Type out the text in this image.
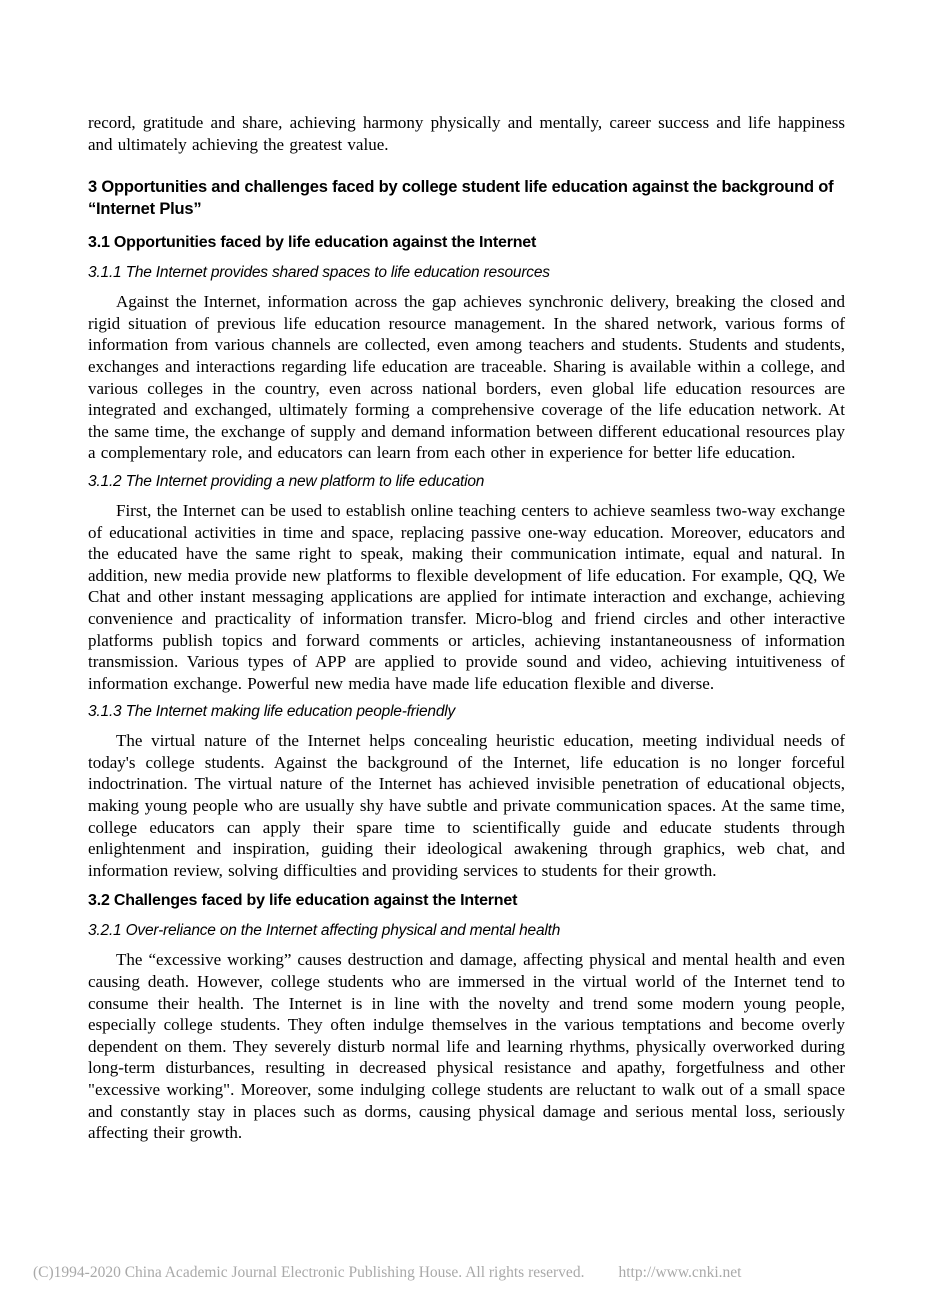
record, gratitude and share, achieving harmony physically and mentally, career success and life happiness and ultimately achieving the greatest value.

3 Opportunities and challenges faced by college student life education against the background of “Internet Plus”
3.1 Opportunities faced by life education against the Internet
3.1.1 The Internet provides shared spaces to life education resources

Against the Internet, information across the gap achieves synchronic delivery, breaking the closed and rigid situation of previous life education resource management. In the shared network, various forms of information from various channels are collected, even among teachers and students. Students and students, exchanges and interactions regarding life education are traceable. Sharing is available within a college, and various colleges in the country, even across national borders, even global life education resources are integrated and exchanged, ultimately forming a comprehensive coverage of the life education network. At the same time, the exchange of supply and demand information between different educational resources play a complementary role, and educators can learn from each other in experience for better life education.

3.1.2 The Internet providing a new platform to life education

First, the Internet can be used to establish online teaching centers to achieve seamless two-way exchange of educational activities in time and space, replacing passive one-way education. Moreover, educators and the educated have the same right to speak, making their communication intimate, equal and natural. In addition, new media provide new platforms to flexible development of life education. For example, QQ, We Chat and other instant messaging applications are applied for intimate interaction and exchange, achieving convenience and practicality of information transfer. Micro-blog and friend circles and other interactive platforms publish topics and forward comments or articles, achieving instantaneousness of information transmission. Various types of APP are applied to provide sound and video, achieving intuitiveness of information exchange. Powerful new media have made life education flexible and diverse.

3.1.3 The Internet making life education people-friendly

The virtual nature of the Internet helps concealing heuristic education, meeting individual needs of today's college students. Against the background of the Internet, life education is no longer forceful indoctrination. The virtual nature of the Internet has achieved invisible penetration of educational objects, making young people who are usually shy have subtle and private communication spaces. At the same time, college educators can apply their spare time to scientifically guide and educate students through enlightenment and inspiration, guiding their ideological awakening through graphics, web chat, and information review, solving difficulties and providing services to students for their growth.

3.2 Challenges faced by life education against the Internet
3.2.1 Over-reliance on the Internet affecting physical and mental health

The “excessive working” causes destruction and damage, affecting physical and mental health and even causing death. However, college students who are immersed in the virtual world of the Internet tend to consume their health. The Internet is in line with the novelty and trend some modern young people, especially college students. They often indulge themselves in the various temptations and become overly dependent on them. They severely disturb normal life and learning rhythms, physically overworked during long-term disturbances, resulting in decreased physical resistance and apathy, forgetfulness and other "excessive working". Moreover, some indulging college students are reluctant to walk out of a small space and constantly stay in places such as dorms, causing physical damage and serious mental loss, seriously affecting their growth.

(C)1994-2020 China Academic Journal Electronic Publishing House. All rights reserved. http://www.cnki.net
